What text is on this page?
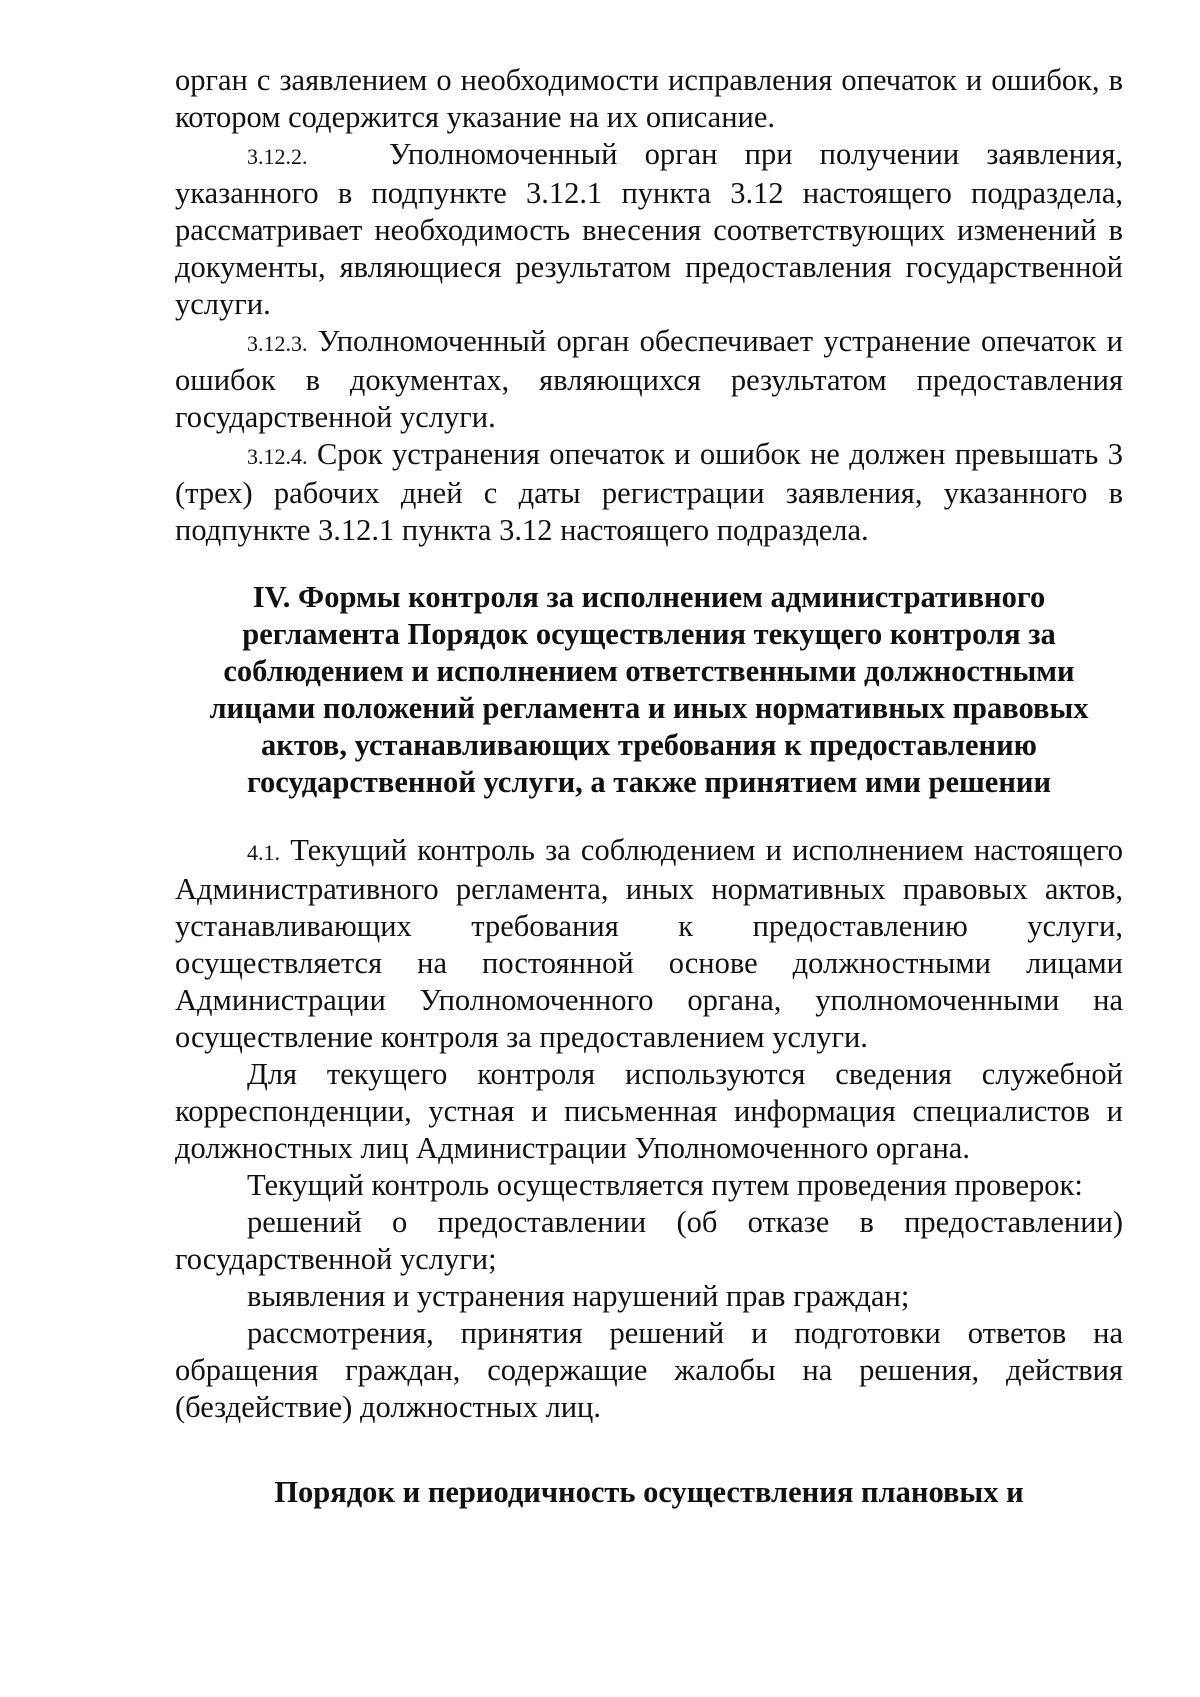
орган с заявлением о необходимости исправления опечаток и ошибок, в котором содержится указание на их описание.

3.12.2.	Уполномоченный орган при получении заявления, указанного в подпункте 3.12.1 пункта 3.12 настоящего подраздела, рассматривает необходимость внесения соответствующих изменений в документы, являющиеся результатом предоставления государственной услуги.

3.12.3. Уполномоченный орган обеспечивает устранение опечаток и ошибок в документах, являющихся результатом предоставления государственной услуги.

3.12.4. Срок устранения опечаток и ошибок не должен превышать 3 (трех) рабочих дней с даты регистрации заявления, указанного в подпункте 3.12.1 пункта 3.12 настоящего подраздела.

IV. Формы контроля за исполнением административного регламента Порядок осуществления текущего контроля за соблюдением и исполнением ответственными должностными лицами положений регламента и иных нормативных правовых актов, устанавливающих требования к предоставлению государственной услуги, а также принятием ими решении

4.1. Текущий контроль за соблюдением и исполнением настоящего Административного регламента, иных нормативных правовых актов, устанавливающих требования к предоставлению услуги, осуществляется на постоянной основе должностными лицами Администрации Уполномоченного органа, уполномоченными на осуществление контроля за предоставлением услуги.

Для текущего контроля используются сведения служебной корреспонденции, устная и письменная информация специалистов и должностных лиц Администрации Уполномоченного органа.

Текущий контроль осуществляется путем проведения проверок:

решений о предоставлении (об отказе в предоставлении) государственной услуги;

выявления и устранения нарушений прав граждан;

рассмотрения, принятия решений и подготовки ответов на обращения граждан, содержащие жалобы на решения, действия (бездействие) должностных лиц.

Порядок и периодичность осуществления плановых и
